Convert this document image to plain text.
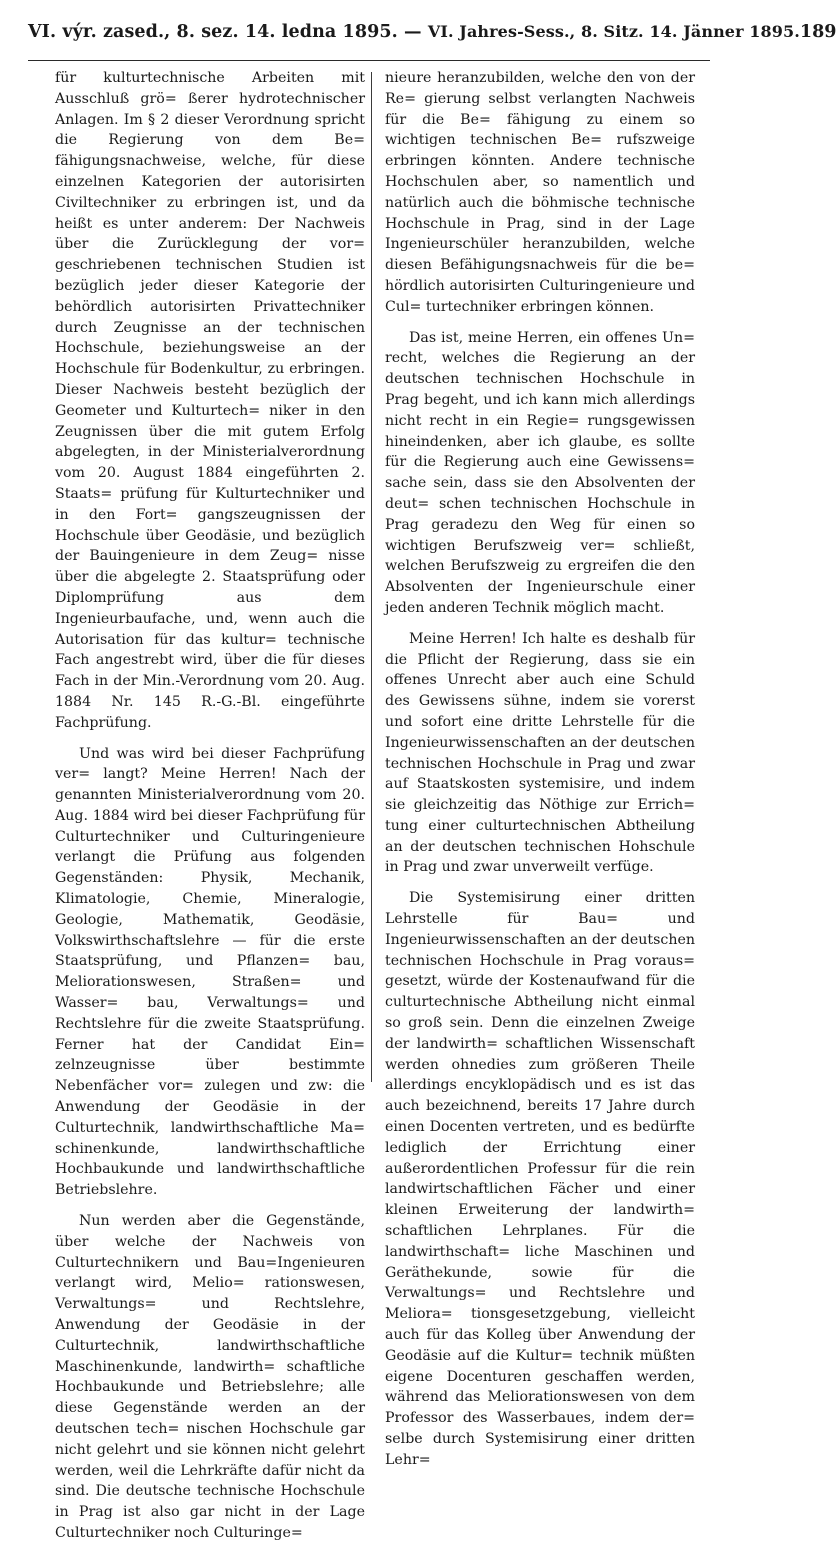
VI. výr. zased., 8. sez. 14. ledna 1895. — VI. Jahres-Sess., 8. Sitz. 14. Jänner 1895. 189

für kulturtechnische Arbeiten mit Ausschluß grö= ßerer hydrotechnischer Anlagen. Im § 2 dieser Verordnung spricht die Regierung von dem Be= fähigungsnachweise, welche, für diese einzelnen Kategorien der autorisirten Civiltechniker zu erbringen ist, und da heißt es unter anderem: Der Nachweis über die Zurücklegung der vor= geschriebenen technischen Studien ist bezüglich jeder dieser Kategorie der behördlich autorisirten Privattechniker durch Zeugnisse an der technischen Hochschule, beziehungsweise an der Hochschule für Bodenkultur, zu erbringen. Dieser Nachweis besteht bezüglich der Geometer und Kulturtech= niker in den Zeugnissen über die mit gutem Erfolg abgelegten, in der Ministerialverordnung vom 20. August 1884 eingeführten 2. Staats= prüfung für Kulturtechniker und in den Fort= gangszeugnissen der Hochschule über Geodäsie, und bezüglich der Bauingenieure in dem Zeug= nisse über die abgelegte 2. Staatsprüfung oder Diplomprüfung aus dem Ingenieurbaufache, und, wenn auch die Autorisation für das kultur= technische Fach angestrebt wird, über die für dieses Fach in der Min.-Verordnung vom 20. Aug. 1884 Nr. 145 R.-G.-Bl. eingeführte Fachprüfung.

Und was wird bei dieser Fachprüfung ver= langt? Meine Herren! Nach der genannten Ministerialverordnung vom 20. Aug. 1884 wird bei dieser Fachprüfung für Culturtechniker und Culturingenieure verlangt die Prüfung aus folgenden Gegenständen: Physik, Mechanik, Klimatologie, Chemie, Mineralogie, Geologie, Mathematik, Geodäsie, Volkswirthschaftslehre — für die erste Staatsprüfung, und Pflanzen= bau, Meliorationswesen, Straßen= und Wasser= bau, Verwaltungs= und Rechtslehre für die zweite Staatsprüfung. Ferner hat der Candidat Ein= zelnzeugnisse über bestimmte Nebenfächer vor= zulegen und zw: die Anwendung der Geodäsie in der Culturtechnik, landwirthschaftliche Ma= schinenkunde, landwirthschaftliche Hochbaukunde und landwirthschaftliche Betriebslehre.

Nun werden aber die Gegenstände, über welche der Nachweis von Culturtechnikern und Bau=Ingenieuren verlangt wird, Melio= rationswesen, Verwaltungs= und Rechtslehre, Anwendung der Geodäsie in der Culturtechnik, landwirthschaftliche Maschinenkunde, landwirth= schaftliche Hochbaukunde und Betriebslehre; alle diese Gegenstände werden an der deutschen tech= nischen Hochschule gar nicht gelehrt und sie können nicht gelehrt werden, weil die Lehrkräfte dafür nicht da sind. Die deutsche technische Hochschule in Prag ist also gar nicht in der Lage Culturtechniker noch Culturinge=

nieure heranzubilden, welche den von der Re= gierung selbst verlangten Nachweis für die Be= fähigung zu einem so wichtigen technischen Be= rufszweige erbringen könnten. Andere technische Hochschulen aber, so namentlich und natürlich auch die böhmische technische Hochschule in Prag, sind in der Lage Ingenieurschüler heranzubilden, welche diesen Befähigungsnachweis für die be= hördlich autorisirten Culturingenieure und Cul= turtechniker erbringen können.

Das ist, meine Herren, ein offenes Un= recht, welches die Regierung an der deutschen technischen Hochschule in Prag begeht, und ich kann mich allerdings nicht recht in ein Regie= rungsgewissen hineindenken, aber ich glaube, es sollte für die Regierung auch eine Gewissens= sache sein, dass sie den Absolventen der deut= schen technischen Hochschule in Prag geradezu den Weg für einen so wichtigen Berufszweig ver= schließt, welchen Berufszweig zu ergreifen die den Absolventen der Ingenieurschule einer jeden anderen Technik möglich macht.

Meine Herren! Ich halte es deshalb für die Pflicht der Regierung, dass sie ein offenes Unrecht aber auch eine Schuld des Gewissens sühne, indem sie vorerst und sofort eine dritte Lehrstelle für die Ingenieurwissenschaften an der deutschen technischen Hochschule in Prag und zwar auf Staatskosten systemisire, und indem sie gleichzeitig das Nöthige zur Errich= tung einer culturtechnischen Abtheilung an der deutschen technischen Hohschule in Prag und zwar unverweilt verfüge.

Die Systemisirung einer dritten Lehrstelle für Bau= und Ingenieurwissenschaften an der deutschen technischen Hochschule in Prag voraus= gesetzt, würde der Kostenaufwand für die culturtechnische Abtheilung nicht einmal so groß sein. Denn die einzelnen Zweige der landwirth= schaftlichen Wissenschaft werden ohnedies zum größeren Theile allerdings encyklopädisch und es ist das auch bezeichnend, bereits 17 Jahre durch einen Docenten vertreten, und es bedürfte lediglich der Errichtung einer außerordentlichen Professur für die rein landwirtschaftlichen Fächer und einer kleinen Erweiterung der landwirth= schaftlichen Lehrplanes. Für die landwirthschaft= liche Maschinen und Geräthekunde, sowie für die Verwaltungs= und Rechtslehre und Meliora= tionsgesetzgebung, vielleicht auch für das Kolleg über Anwendung der Geodäsie auf die Kultur= technik müßten eigene Docenturen geschaffen werden, während das Meliorationswesen von dem Professor des Wasserbaues, indem der= selbe durch Systemisirung einer dritten Lehr=
